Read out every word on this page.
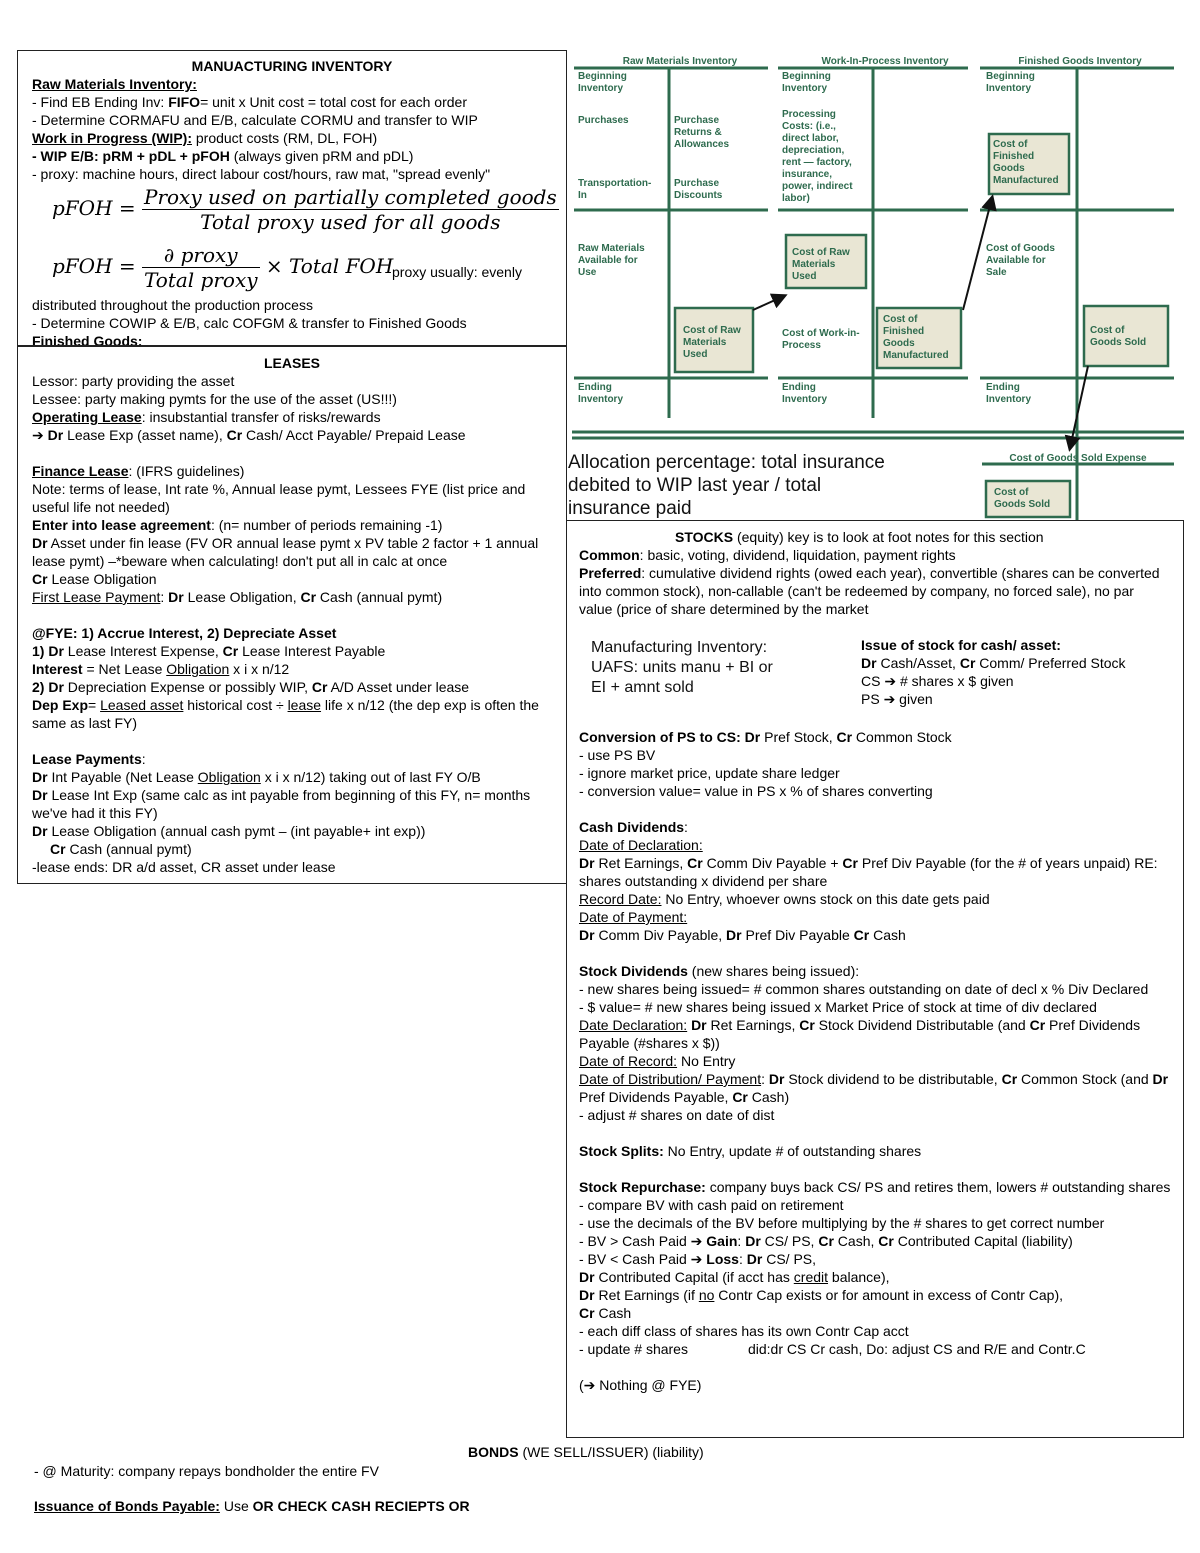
MANUACTURING INVENTORY

Raw Materials Inventory:

- Find EB Ending Inv: FIFO= unit x Unit cost = total cost for each order

- Determine CORMAFU and E/B, calculate CORMU and transfer to WIP

Work in Progress (WIP): product costs (RM, DL, FOH)

- WIP E/B: pRM + pDL + pFOH (always given pRM and pDL)

- proxy: machine hours, direct labour cost/hours, raw mat, "spread evenly"

pFOH = $\frac{\text{Proxy used on partially completed goods}}{\text{Total proxy used for all goods}}$
pFOH = $\frac{\text{∂ proxy}}{\text{Total proxy}}$ × Total FOH
proxy usually: evenly

distributed throughout the production process

- Determine COWIP & E/B, calc COFGM & transfer to Finished Goods

Finished Goods:

LEASES

Lessor: party providing the asset

Lessee: party making pymts for the use of the asset (US!!!)

Operating Lease: insubstantial transfer of risks/rewards

➔ Dr Lease Exp (asset name), Cr Cash/ Acct Payable/ Prepaid Lease

Finance Lease: (IFRS guidelines)

Note: terms of lease, Int rate %, Annual lease pymt, Lessees FYE (list price and useful life not needed)

Enter into lease agreement: (n= number of periods remaining -1)

Dr Asset under fin lease (FV OR annual lease pymt x PV table 2 factor + 1 annual lease pymt) –*beware when calculating! don't put all in calc at once

Cr Lease Obligation

First Lease Payment: Dr Lease Obligation, Cr Cash (annual pymt)

@FYE: 1) Accrue Interest, 2) Depreciate Asset

1) Dr Lease Interest Expense, Cr Lease Interest Payable

Interest = Net Lease Obligation x i x n/12

2) Dr Depreciation Expense or possibly WIP, Cr A/D Asset under lease

Dep Exp= Leased asset historical cost ÷ lease life x n/12 (the dep exp is often the same as last FY)

Lease Payments:

Dr Int Payable (Net Lease Obligation x i x n/12) taking out of last FY O/B

Dr Lease Int Exp (same calc as int payable from beginning of this FY, n= months we've had it this FY)

Dr Lease Obligation (annual cash pymt – (int payable+ int exp))

Cr Cash (annual pymt)

-lease ends: DR a/d asset, CR asset under lease

Raw Materials Inventory	Work-In-Process Inventory	Finished Goods Inventory
Beginning Inventory
Purchases	Purchase Returns & Allowances
Transportation-In
Purchase Discounts
Raw Materials Available for Use
Cost of Raw Materials Used
Ending Inventory
Beginning Inventory
Processing Costs: (i.e., direct labor, depreciation, rent — factory, insurance, power, indirect labor)
Cost of Raw Materials Used
Cost of Work-in-Process
Cost of Finished Goods Manufactured
Ending Inventory
Beginning Inventory
Cost of Finished Goods Manufactured
Cost of Goods Available for Sale
Cost of Goods Sold
Ending Inventory
Cost of Goods Sold Expense
Cost of Goods Sold
Allocation percentage: total insurance
debited to WIP last year / total
insurance paid

STOCKS (equity) key is to look at foot notes for this section

Common: basic, voting, dividend, liquidation, payment rights

Preferred: cumulative dividend rights (owed each year), convertible (shares can be converted into common stock), non-callable (can't be redeemed by company, no forced sale), no par value (price of share determined by the market

Manufacturing Inventory:
UAFS: units manu + BI or
EI + amnt sold

Issue of stock for cash/ asset:

Dr Cash/Asset, Cr Comm/ Preferred Stock

CS ➔ # shares x $ given

PS ➔ given

Conversion of PS to CS: Dr Pref Stock, Cr Common Stock

- use PS BV

- ignore market price, update share ledger

- conversion value= value in PS x % of shares converting

Cash Dividends:

Date of Declaration:

Dr Ret Earnings, Cr Comm Div Payable + Cr Pref Div Payable (for the # of years unpaid) RE: shares outstanding x dividend per share

Record Date: No Entry, whoever owns stock on this date gets paid

Date of Payment:

Dr Comm Div Payable, Dr Pref Div Payable Cr Cash

Stock Dividends (new shares being issued):

- new shares being issued= # common shares outstanding on date of decl x % Div Declared

- $ value= # new shares being issued x Market Price of stock at time of div declared

Date Declaration: Dr Ret Earnings, Cr Stock Dividend Distributable (and Cr Pref Dividends Payable (#shares x $))

Date of Record: No Entry

Date of Distribution/ Payment: Dr Stock dividend to be distributable, Cr Common Stock (and Dr Pref Dividends Payable, Cr Cash)

- adjust # shares on date of dist

Stock Splits: No Entry, update # of outstanding shares

Stock Repurchase: company buys back CS/ PS and retires them, lowers # outstanding shares

- compare BV with cash paid on retirement

- use the decimals of the BV before multiplying by the # shares to get correct number

- BV > Cash Paid ➔ Gain: Dr CS/ PS, Cr Cash, Cr Contributed Capital (liability)

- BV < Cash Paid ➔ Loss: Dr CS/ PS,

Dr Contributed Capital (if acct has credit balance),

Dr Ret Earnings (if no Contr Cap exists or for amount in excess of Contr Cap),

Cr Cash

- each diff class of shares has its own Contr Cap acct

- update # shares	did:dr CS Cr cash, Do: adjust CS and R/E and Contr.C

(➔ Nothing @ FYE)

BONDS (WE SELL/ISSUER) (liability)
- @ Maturity: company repays bondholder the entire FV
Issuance of Bonds Payable: Use OR CHECK CASH RECIEPTS OR
